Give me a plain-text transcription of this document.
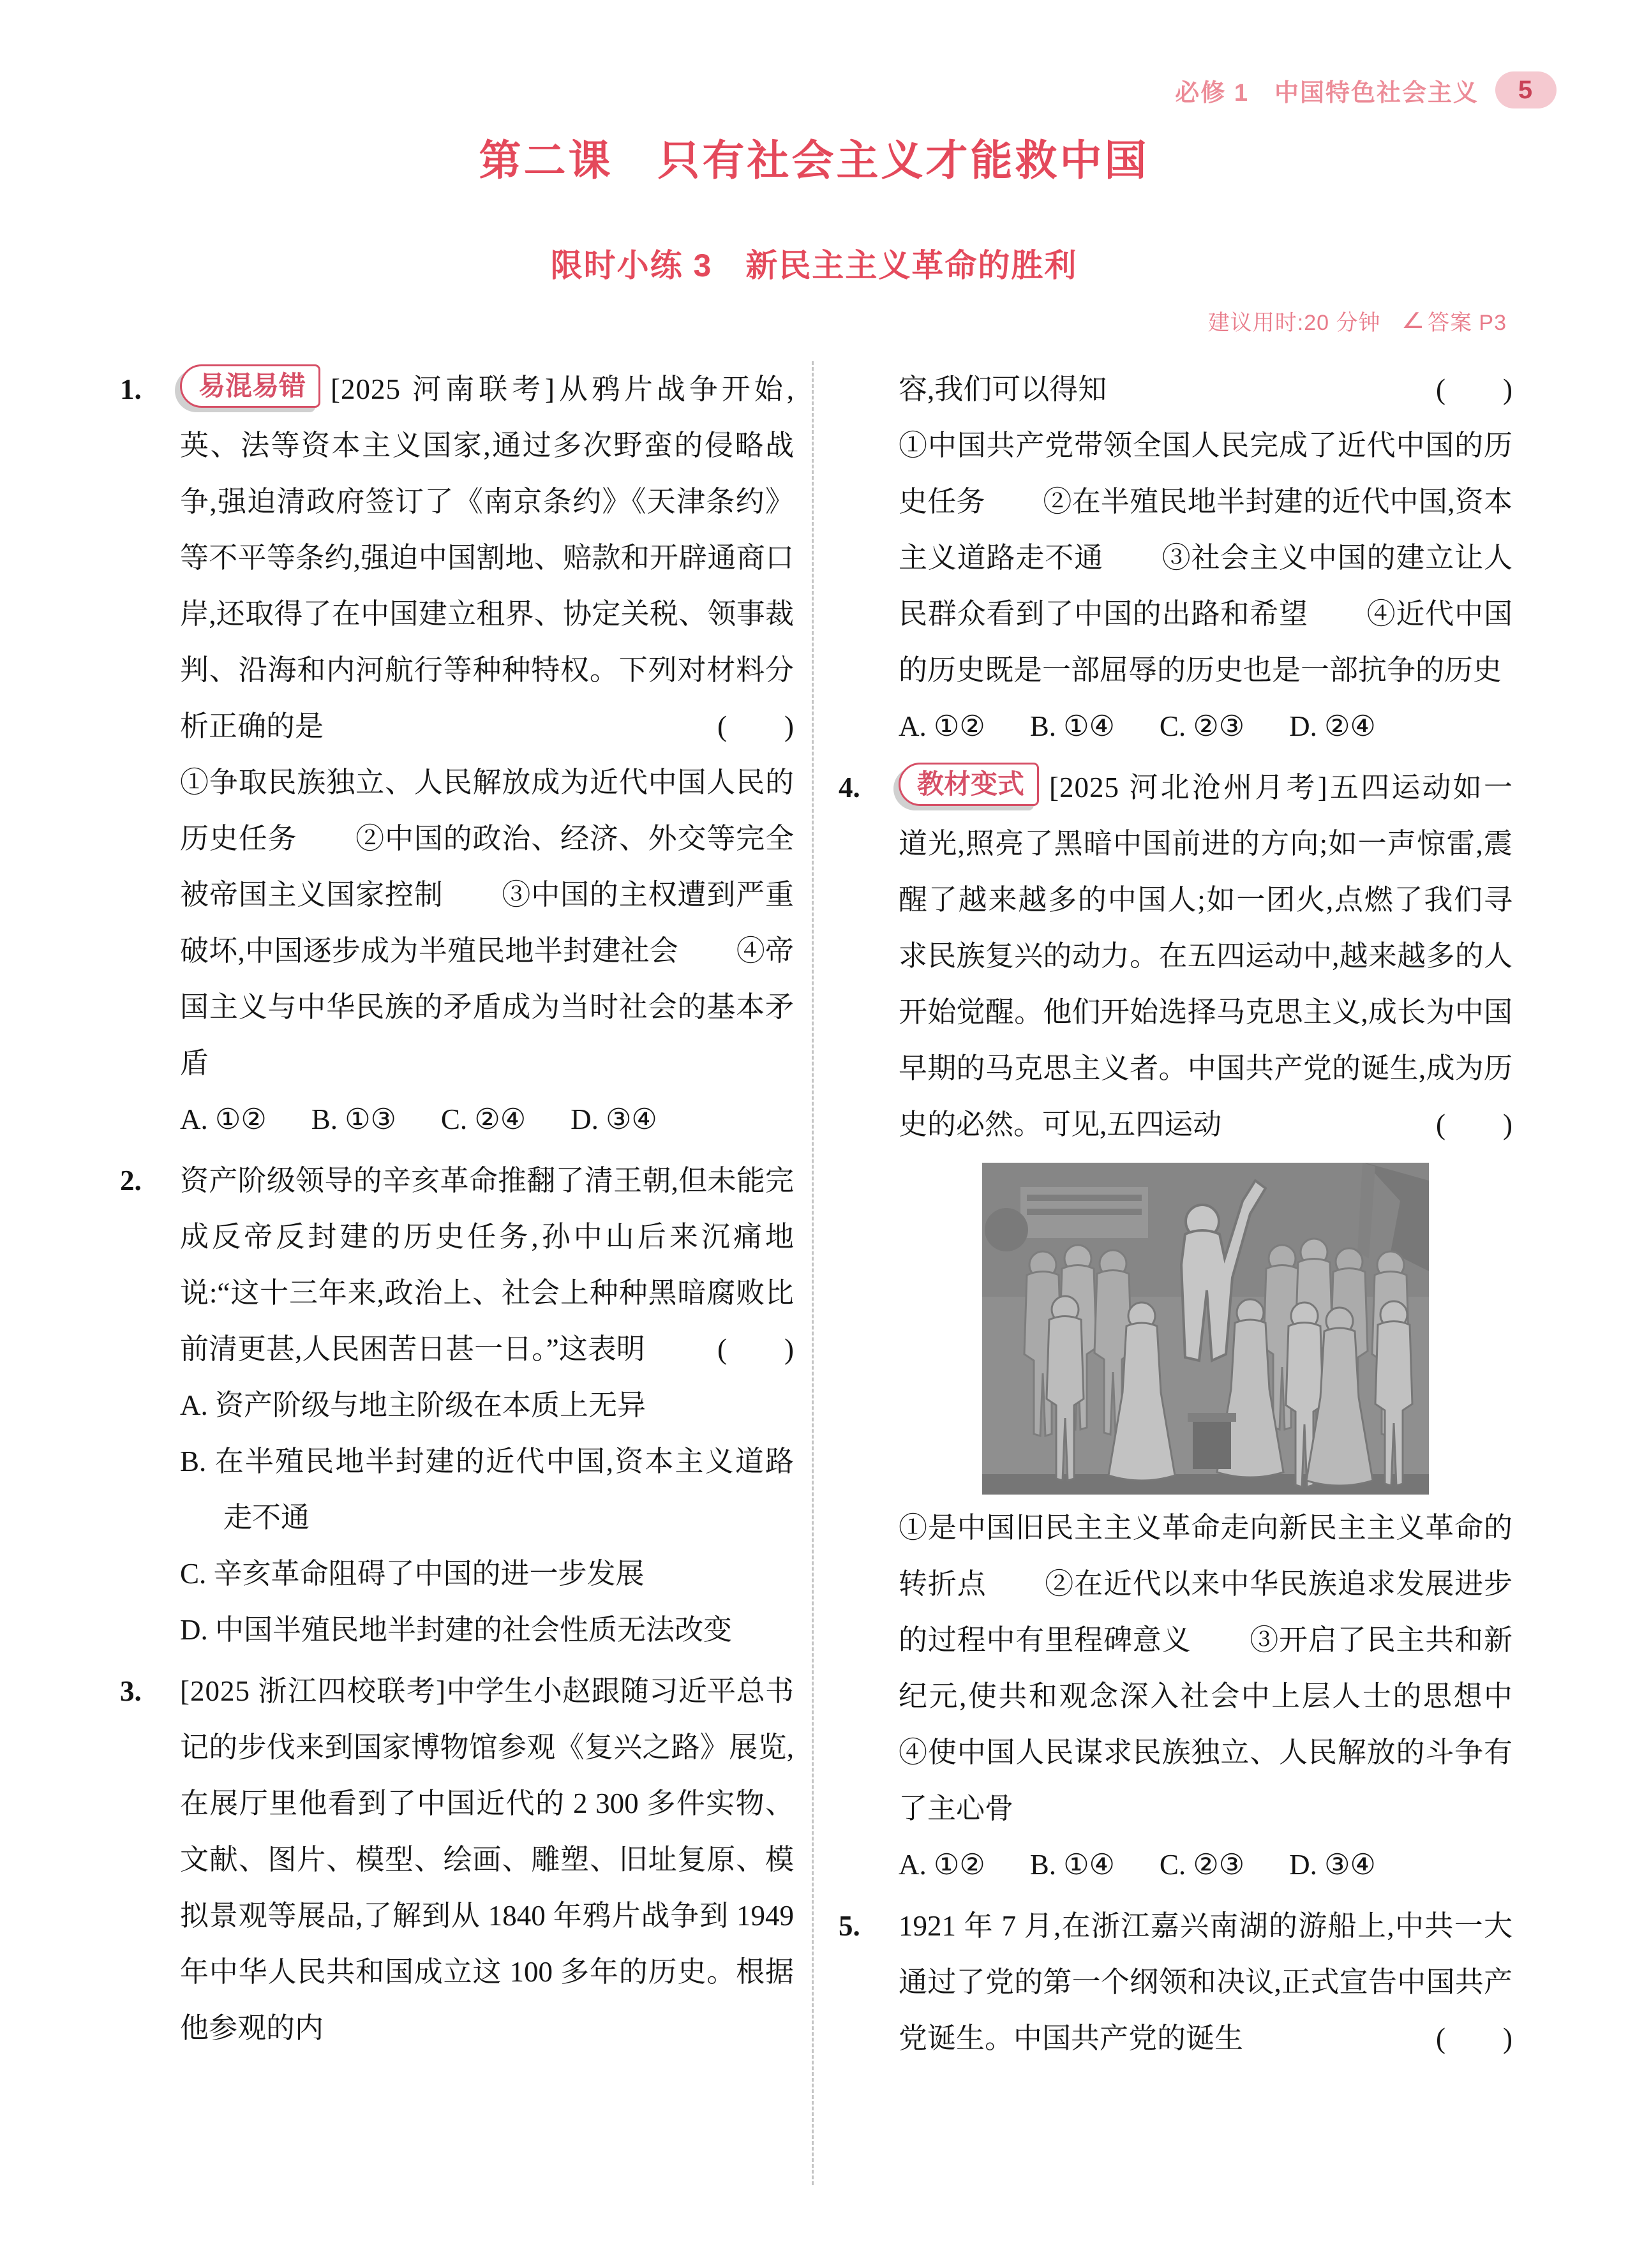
必修 1 中国特色社会主义	5
第二课　只有社会主义才能救中国
限时小练 3　新民主主义革命的胜利
建议用时:20 分钟 ∠ 答案 P3
1.	易混易错 [2025 河南联考]从鸦片战争开始,英、法等资本主义国家,通过多次野蛮的侵略战争,强迫清政府签订了《南京条约》《天津条约》等不平等条约,强迫中国割地、赔款和开辟通商口岸,还取得了在中国建立租界、协定关税、领事裁判、沿海和内河航行等种种特权。下列对材料分析正确的是	(　　)

①争取民族独立、人民解放成为近代中国人民的历史任务　　②中国的政治、经济、外交等完全被帝国主义国家控制　　③中国的主权遭到严重破坏,中国逐步成为半殖民地半封建社会　　④帝国主义与中华民族的矛盾成为当时社会的基本矛盾

A. ①② B. ①③ C. ②④ D. ③④

2.	资产阶级领导的辛亥革命推翻了清王朝,但未能完成反帝反封建的历史任务,孙中山后来沉痛地说:“这十三年来,政治上、社会上种种黑暗腐败比前清更甚,人民困苦日甚一日。”这表明	(　　)

A. 资产阶级与地主阶级在本质上无异

B. 在半殖民地半封建的近代中国,资本主义道路走不通

C. 辛亥革命阻碍了中国的进一步发展

D. 中国半殖民地半封建的社会性质无法改变

3.	[2025 浙江四校联考]中学生小赵跟随习近平总书记的步伐来到国家博物馆参观《复兴之路》展览,在展厅里他看到了中国近代的 2 300 多件实物、文献、图片、模型、绘画、雕塑、旧址复原、模拟景观等展品,了解到从 1840 年鸦片战争到 1949 年中华人民共和国成立这 100 多年的历史。根据他参观的内

容,我们可以得知	(　　)

①中国共产党带领全国人民完成了近代中国的历史任务　　②在半殖民地半封建的近代中国,资本主义道路走不通　　③社会主义中国的建立让人民群众看到了中国的出路和希望　　④近代中国的历史既是一部屈辱的历史也是一部抗争的历史

A. ①② B. ①④ C. ②③ D. ②④

4.	教材变式 [2025 河北沧州月考]五四运动如一道光,照亮了黑暗中国前进的方向;如一声惊雷,震醒了越来越多的中国人;如一团火,点燃了我们寻求民族复兴的动力。在五四运动中,越来越多的人开始觉醒。他们开始选择马克思主义,成长为中国早期的马克思主义者。中国共产党的诞生,成为历史的必然。可见,五四运动	(　　)

①是中国旧民主主义革命走向新民主主义革命的转折点　　②在近代以来中华民族追求发展进步的过程中有里程碑意义　　③开启了民主共和新纪元,使共和观念深入社会中上层人士的思想中　　④使中国人民谋求民族独立、人民解放的斗争有了主心骨

A. ①② B. ①④ C. ②③ D. ③④

5.	1921 年 7 月,在浙江嘉兴南湖的游船上,中共一大通过了党的第一个纲领和决议,正式宣告中国共产党诞生。中国共产党的诞生	(　　)
